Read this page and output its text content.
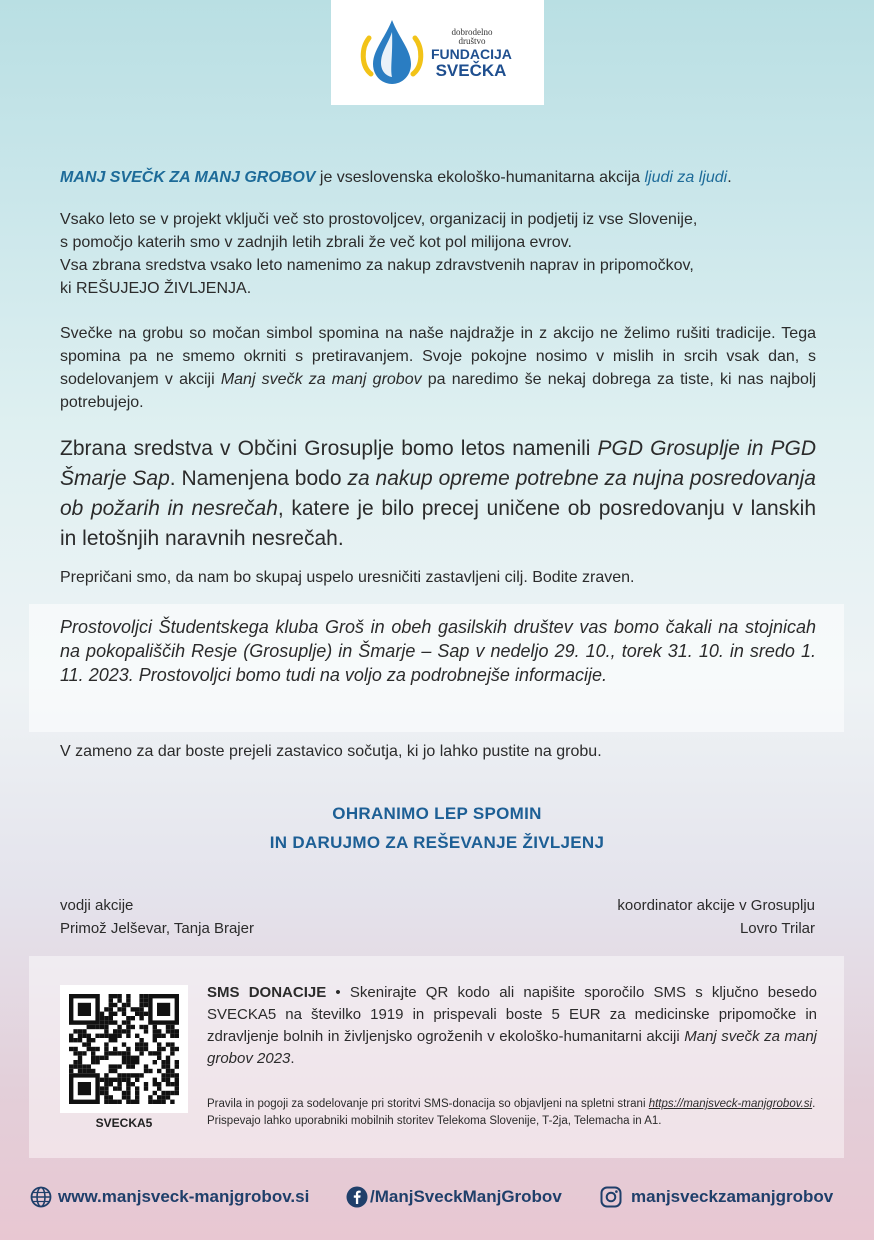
dobrodelno
društvo
FUNDACIJA
SVEČKA

MANJ SVEČK ZA MANJ GROBOV je vseslovenska ekološko-humanitarna akcija ljudi za ljudi.

Vsako leto se v projekt vključi več sto prostovoljcev, organizacij in podjetij iz vse Slovenije,
s pomočjo katerih smo v zadnjih letih zbrali že več kot pol milijona evrov.
Vsa zbrana sredstva vsako leto namenimo za nakup zdravstvenih naprav in pripomočkov,
ki REŠUJEJO ŽIVLJENJA.

Svečke na grobu so močan simbol spomina na naše najdražje in z akcijo ne želimo rušiti tradicije. Tega spomina pa ne smemo okrniti s pretiravanjem. Svoje pokojne nosimo v mislih in srcih vsak dan, s sodelovanjem v akciji Manj svečk za manj grobov pa naredimo še nekaj dobrega za tiste, ki nas najbolj potrebujejo.

Zbrana sredstva v Občini Grosuplje bomo letos namenili PGD Grosuplje in PGD Šmarje Sap. Namenjena bodo za nakup opreme potrebne za nujna posredovanja ob požarih in nesrečah, katere je bilo precej uničene ob posredovanju v lanskih in letošnjih naravnih nesrečah.

Prepričani smo, da nam bo skupaj uspelo uresničiti zastavljeni cilj. Bodite zraven.

Prostovoljci Študentskega kluba Groš in obeh gasilskih društev vas bomo čakali na stojnicah na pokopališčih Resje (Grosuplje) in Šmarje – Sap v nedeljo 29. 10., torek 31. 10. in sredo 1. 11. 2023. Prostovoljci bomo tudi na voljo za podrobnejše informacije.

V zameno za dar boste prejeli zastavico sočutja, ki jo lahko pustite na grobu.

OHRANIMO LEP SPOMIN
IN DARUJMO ZA REŠEVANJE ŽIVLJENJ
vodji akcije
Primož Jelševar, Tanja Brajer
koordinator akcije v Grosuplju
Lovro Trilar
SVECKA5

SMS DONACIJE • Skenirajte QR kodo ali napišite sporočilo SMS s ključno besedo SVECKA5 na številko 1919 in prispevali boste 5 EUR za medicinske pripomočke in zdravljenje bolnih in življenjsko ogroženih v ekološko-humanitarni akciji Manj svečk za manj grobov 2023.

Pravila in pogoji za sodelovanje pri storitvi SMS-donacija so objavljeni na spletni strani https://manjsveck-manjgrobov.si. Prispevajo lahko uporabniki mobilnih storitev Telekoma Slovenije, T-2ja, Telemacha in A1.

www.manjsveck-manjgrobov.si	/ManjSveckManjGrobov	manjsveckzamanjgrobov
